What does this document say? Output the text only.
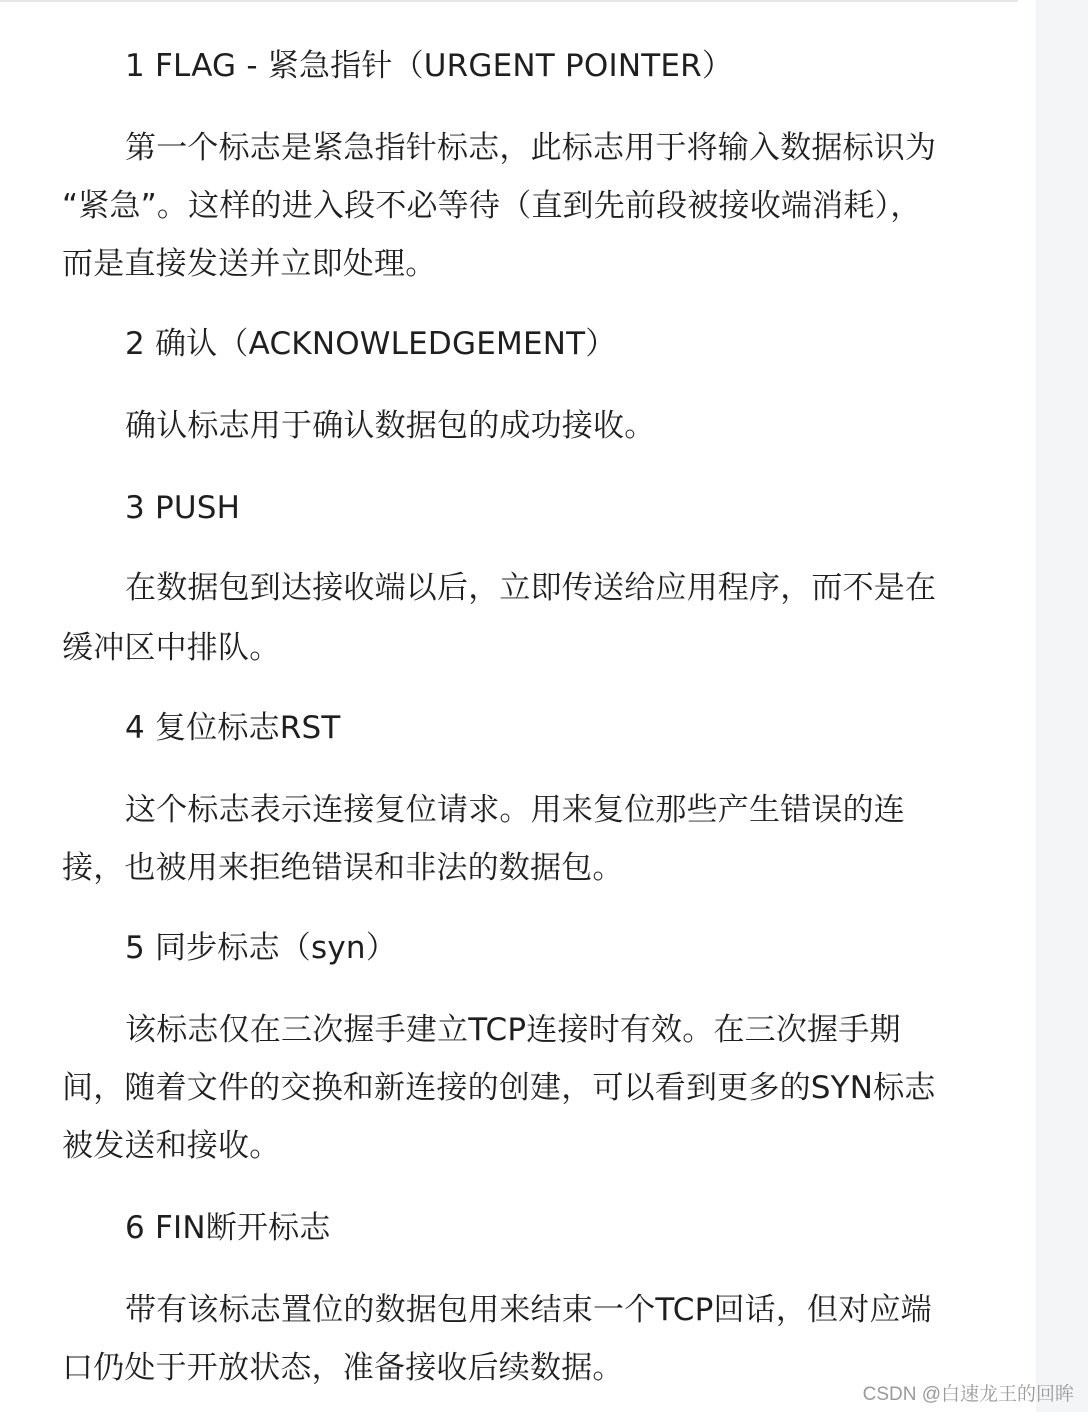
1 FLAG - 紧急指针（URGENT POINTER）
第一个标志是紧急指针标志，此标志用于将输入数据标识为
“紧急”。这样的进入段不必等待（直到先前段被接收端消耗），
而是直接发送并立即处理。
2 确认（ACKNOWLEDGEMENT）
确认标志用于确认数据包的成功接收。
3 PUSH
在数据包到达接收端以后，立即传送给应用程序，而不是在
缓冲区中排队。
4 复位标志RST
这个标志表示连接复位请求。用来复位那些产生错误的连
接，也被用来拒绝错误和非法的数据包。
5 同步标志（syn）
该标志仅在三次握手建立TCP连接时有效。在三次握手期
间，随着文件的交换和新连接的创建，可以看到更多的SYN标志
被发送和接收。
6 FIN断开标志
带有该标志置位的数据包用来结束一个TCP回话，但对应端
口仍处于开放状态，准备接收后续数据。
CSDN @白速龙王的回眸
